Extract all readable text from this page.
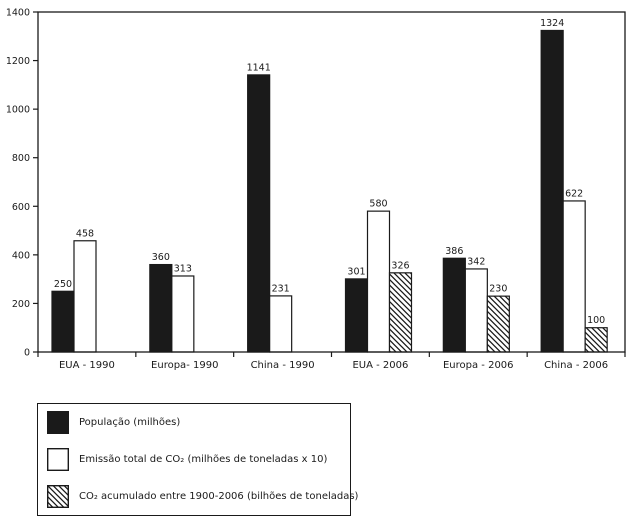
0
200
400
600
800
1000
1200
1400
EUA - 1990
250
458
Europa- 1990
360
313
China - 1990
1141
231
EUA - 2006
301
580
326
Europa - 2006
386
342
230
China - 2006
1324
622
100
População (milhões)
Emissão total de CO₂ (milhões de toneladas x 10)
CO₂ acumulado entre 1900-2006 (bilhões de toneladas)
